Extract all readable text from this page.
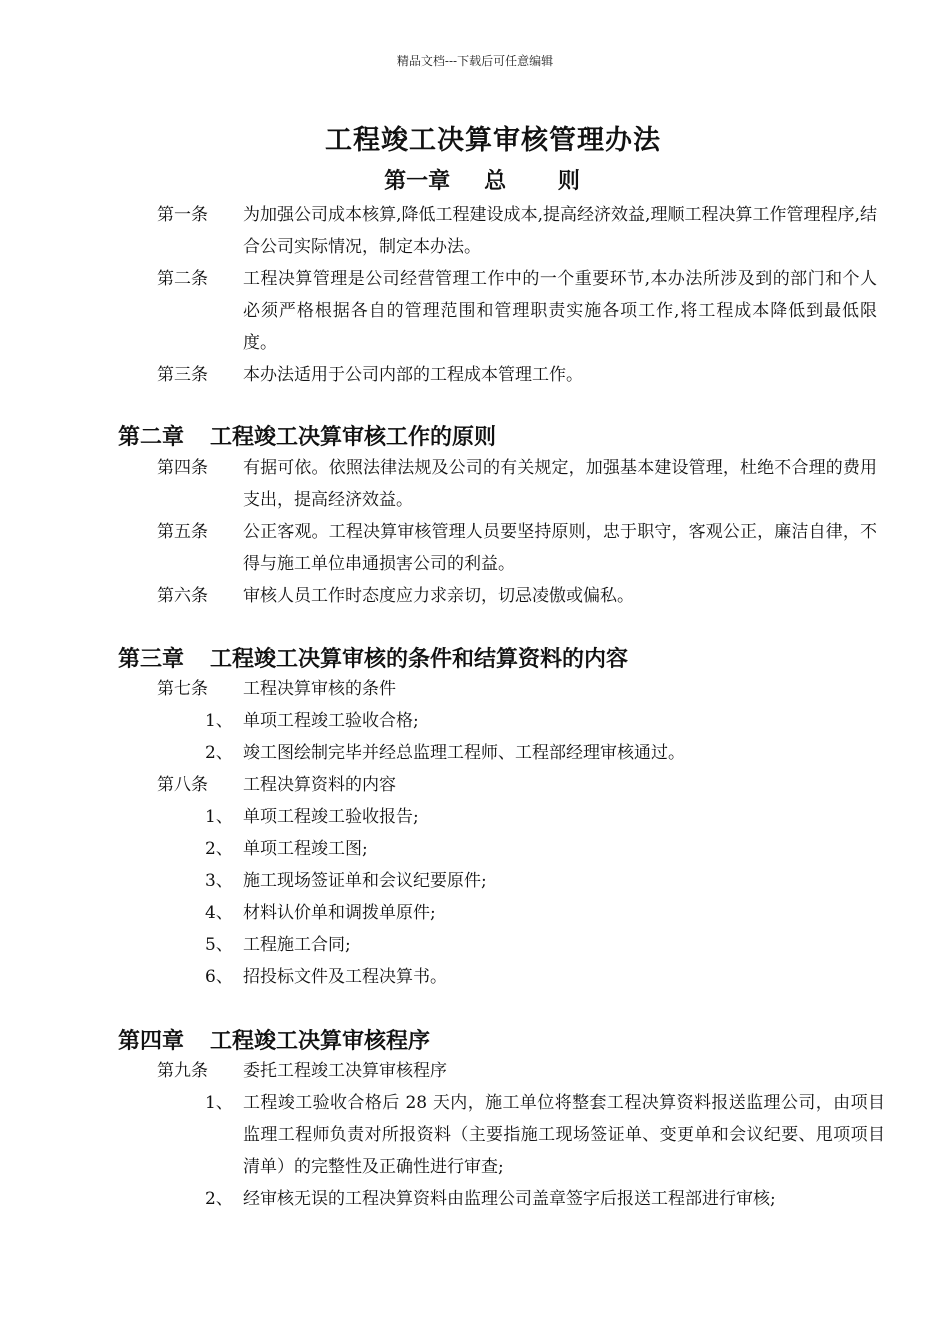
精品文档---下载后可任意编辑
工程竣工决算审核管理办法
第一章 总 则
第一条 为加强公司成本核算,降低工程建设成本,提高经济效益,理顺工程决算工作管理程序,结合公司实际情况，制定本办法。
第二条 工程决算管理是公司经营管理工作中的一个重要环节,本办法所涉及到的部门和个人必须严格根据各自的管理范围和管理职责实施各项工作,将工程成本降低到最低限度。
第三条 本办法适用于公司内部的工程成本管理工作。
第二章 工程竣工决算审核工作的原则
第四条 有据可依。依照法律法规及公司的有关规定，加强基本建设管理，杜绝不合理的费用支出，提高经济效益。
第五条 公正客观。工程决算审核管理人员要坚持原则，忠于职守，客观公正，廉洁自律，不得与施工单位串通损害公司的利益。
第六条 审核人员工作时态度应力求亲切，切忌凌傲或偏私。
第三章 工程竣工决算审核的条件和结算资料的内容
第七条 工程决算审核的条件
1、 单项工程竣工验收合格;
2、 竣工图绘制完毕并经总监理工程师、工程部经理审核通过。
第八条 工程决算资料的内容
1、 单项工程竣工验收报告;
2、 单项工程竣工图;
3、 施工现场签证单和会议纪要原件;
4、 材料认价单和调拨单原件;
5、 工程施工合同;
6、 招投标文件及工程决算书。
第四章 工程竣工决算审核程序
第九条 委托工程竣工决算审核程序
1、 工程竣工验收合格后 28 天内，施工单位将整套工程决算资料报送监理公司，由项目监理工程师负责对所报资料（主要指施工现场签证单、变更单和会议纪要、甩项项目清单）的完整性及正确性进行审查;
2、 经审核无误的工程决算资料由监理公司盖章签字后报送工程部进行审核;
